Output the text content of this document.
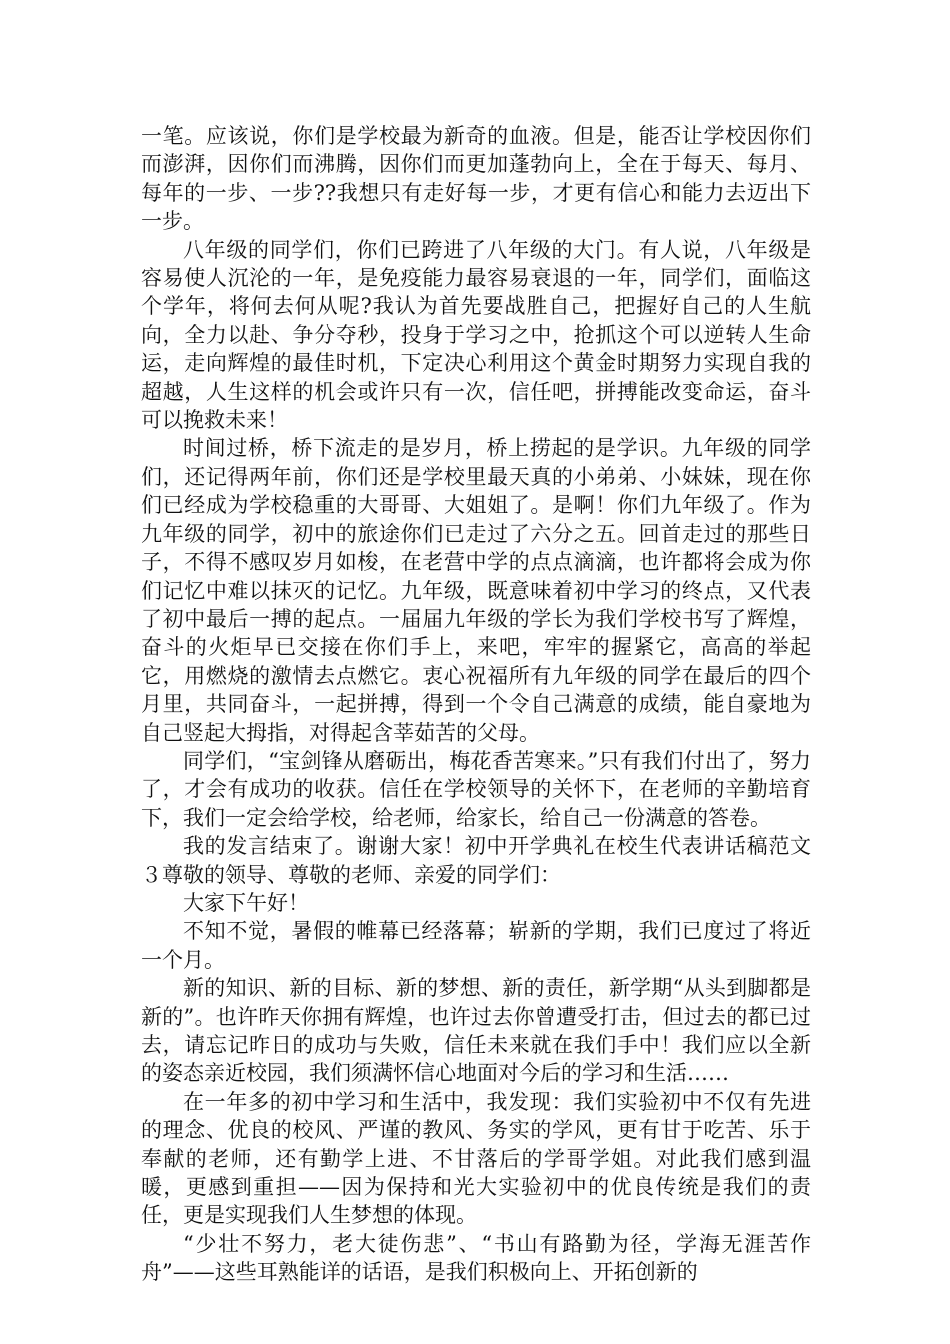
一笔。应该说，你们是学校最为新奇的血液。但是，能否让学校因你们而澎湃，因你们而沸腾，因你们而更加蓬勃向上，全在于每天、每月、每年的一步、一步??我想只有走好每一步，才更有信心和能力去迈出下一步。

八年级的同学们，你们已跨进了八年级的大门。有人说，八年级是容易使人沉沦的一年，是免疫能力最容易衰退的一年，同学们，面临这个学年，将何去何从呢?我认为首先要战胜自己，把握好自己的人生航向，全力以赴、争分夺秒，投身于学习之中，抢抓这个可以逆转人生命运，走向辉煌的最佳时机，下定决心利用这个黄金时期努力实现自我的超越，人生这样的机会或许只有一次，信任吧，拼搏能改变命运，奋斗可以挽救未来！

时间过桥，桥下流走的是岁月，桥上捞起的是学识。九年级的同学们，还记得两年前，你们还是学校里最天真的小弟弟、小妹妹，现在你们已经成为学校稳重的大哥哥、大姐姐了。是啊！你们九年级了。作为九年级的同学，初中的旅途你们已走过了六分之五。回首走过的那些日子，不得不感叹岁月如梭，在老营中学的点点滴滴，也许都将会成为你们记忆中难以抹灭的记忆。九年级，既意味着初中学习的终点，又代表了初中最后一搏的起点。一届届九年级的学长为我们学校书写了辉煌，奋斗的火炬早已交接在你们手上，来吧，牢牢的握紧它，高高的举起它，用燃烧的激情去点燃它。衷心祝福所有九年级的同学在最后的四个月里，共同奋斗，一起拼搏，得到一个令自己满意的成绩，能自豪地为自己竖起大拇指，对得起含莘茹苦的父母。

同学们，“宝剑锋从磨砺出，梅花香苦寒来。”只有我们付出了，努力了，才会有成功的收获。信任在学校领导的关怀下，在老师的辛勤培育下，我们一定会给学校，给老师，给家长，给自己一份满意的答卷。

我的发言结束了。谢谢大家！初中开学典礼在校生代表讲话稿范文３尊敬的领导、尊敬的老师、亲爱的同学们：

大家下午好！

不知不觉，暑假的帷幕已经落幕；崭新的学期，我们已度过了将近一个月。

新的知识、新的目标、新的梦想、新的责任，新学期“从头到脚都是新的”。也许昨天你拥有辉煌，也许过去你曾遭受打击，但过去的都已过去，请忘记昨日的成功与失败，信任未来就在我们手中！我们应以全新的姿态亲近校园，我们须满怀信心地面对今后的学习和生活……

在一年多的初中学习和生活中，我发现：我们实验初中不仅有先进的理念、优良的校风、严谨的教风、务实的学风，更有甘于吃苦、乐于奉献的老师，还有勤学上进、不甘落后的学哥学姐。对此我们感到温暖，更感到重担——因为保持和光大实验初中的优良传统是我们的责任，更是实现我们人生梦想的体现。

“少壮不努力，老大徒伤悲”、“书山有路勤为径，学海无涯苦作舟”——这些耳熟能详的话语，是我们积极向上、开拓创新的
